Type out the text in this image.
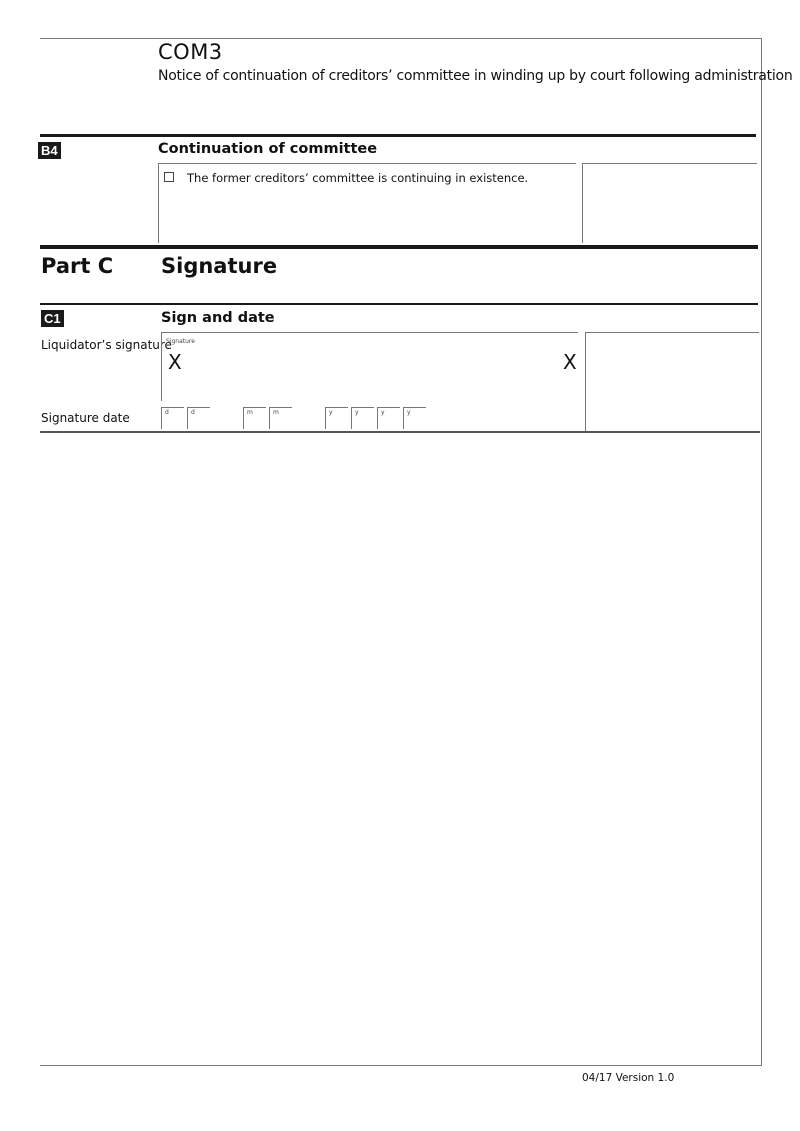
COM3
Notice of continuation of creditors’ committee in winding up by court following administration
B4	Continuation of committee
The former creditors’ committee is continuing in existence.
Part C Signature
C1	Sign and date
Liquidator’s signature
Signature
X	X
Signature date	d	d	m	m	y	y	y	y
04/17 Version 1.0
